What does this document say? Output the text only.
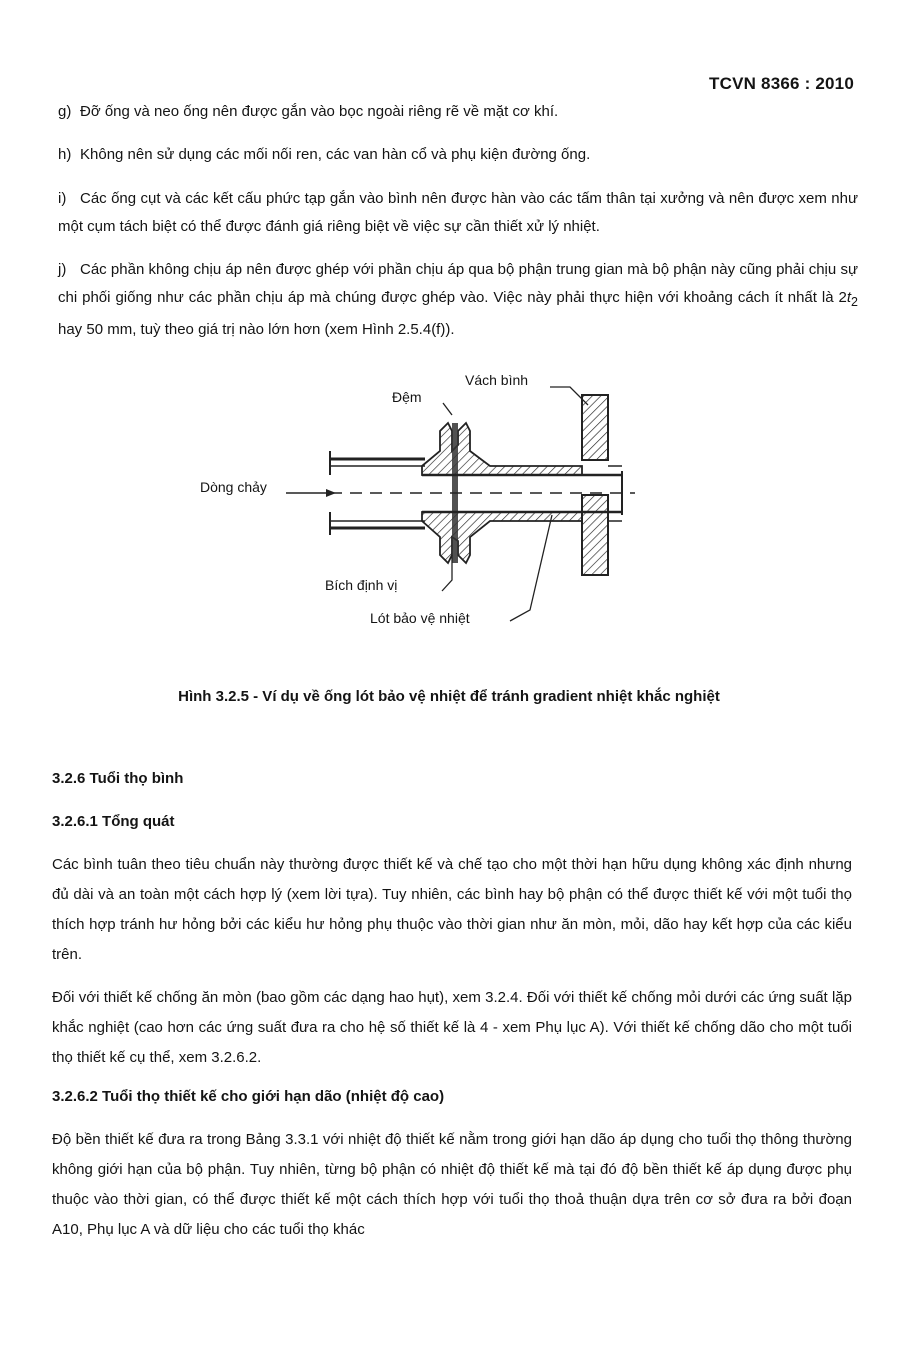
TCVN 8366 : 2010
g) Đỡ ống và neo ống nên được gắn vào bọc ngoài riêng rẽ về mặt cơ khí.
h) Không nên sử dụng các mối nối ren, các van hàn cổ và phụ kiện đường ống.
i) Các ống cụt và các kết cấu phức tạp gắn vào bình nên được hàn vào các tấm thân tại xưởng và nên được xem như một cụm tách biệt có thể được đánh giá riêng biệt về việc sự cần thiết xử lý nhiệt.
j) Các phần không chịu áp nên được ghép với phần chịu áp qua bộ phận trung gian mà bộ phận này cũng phải chịu sự chi phối giống như các phần chịu áp mà chúng được ghép vào. Việc này phải thực hiện với khoảng cách ít nhất là $2t_2$ hay 50 mm, tuỳ theo giá trị nào lớn hơn (xem Hình 2.5.4(f)).
Vách bình
Đệm
Dòng chảy
Bích định vị
Lót bảo vệ nhiệt
Hình 3.2.5 - Ví dụ về ống lót bảo vệ nhiệt để tránh gradient nhiệt khắc nghiệt
3.2.6 Tuổi thọ bình
3.2.6.1 Tổng quát
Các bình tuân theo tiêu chuẩn này thường được thiết kế và chế tạo cho một thời hạn hữu dụng không xác định nhưng đủ dài và an toàn một cách hợp lý (xem lời tựa). Tuy nhiên, các bình hay bộ phận có thể được thiết kế với một tuổi thọ thích hợp tránh hư hỏng bởi các kiểu hư hỏng phụ thuộc vào thời gian như ăn mòn, mỏi, dão hay kết hợp của các kiểu trên.
Đối với thiết kế chống ăn mòn (bao gồm các dạng hao hụt), xem 3.2.4. Đối với thiết kế chống mỏi dưới các ứng suất lặp khắc nghiệt (cao hơn các ứng suất đưa ra cho hệ số thiết kế là 4 - xem Phụ lục A). Với thiết kế chống dão cho một tuổi thọ thiết kế cụ thể, xem 3.2.6.2.
3.2.6.2 Tuổi thọ thiết kế cho giới hạn dão (nhiệt độ cao)
Độ bền thiết kế đưa ra trong Bảng 3.3.1 với nhiệt độ thiết kế nằm trong giới hạn dão áp dụng cho tuổi thọ thông thường không giới hạn của bộ phận. Tuy nhiên, từng bộ phận có nhiệt độ thiết kế mà tại đó độ bền thiết kế áp dụng được phụ thuộc vào thời gian, có thể được thiết kế một cách thích hợp với tuổi thọ thoả thuận dựa trên cơ sở đưa ra bởi đoạn A10, Phụ lục A và dữ liệu cho các tuổi thọ khác
